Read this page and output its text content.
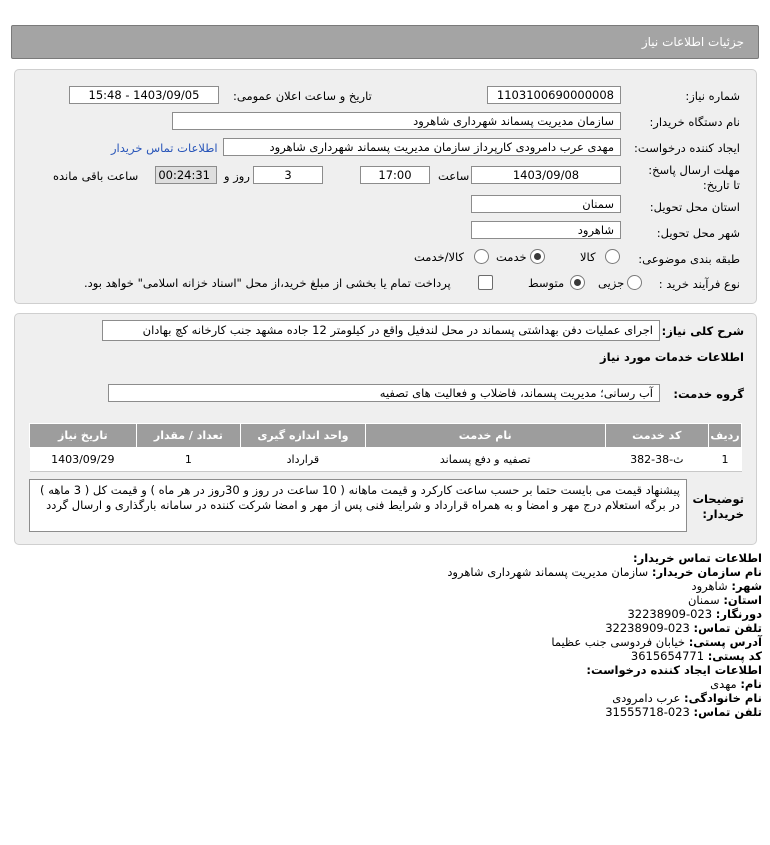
جزئیات اطلاعات نیاز
شماره نیاز:
1103100690000008
تاریخ و ساعت اعلان عمومی:
1403/09/05 - 15:48
نام دستگاه خریدار:
سازمان مدیریت پسماند شهرداری شاهرود
ایجاد کننده درخواست:
مهدی عرب دامرودی کارپرداز سازمان مدیریت پسماند شهرداری شاهرود
اطلاعات تماس خریدار
مهلت ارسال پاسخ: تا تاریخ:
1403/09/08
ساعت
17:00
3
روز و
00:24:31
ساعت باقی مانده
استان محل تحویل:
سمنان
شهر محل تحویل:
شاهرود
طبقه بندی موضوعی:
کالا
خدمت
کالا/خدمت
نوع فرآیند خرید :
جزیی
متوسط
پرداخت تمام یا بخشی از مبلغ خرید،از محل "اسناد خزانه اسلامی" خواهد بود.
شرح کلی نیاز:
اجرای عملیات دفن بهداشتی پسماند در محل لندفیل واقع در کیلومتر 12 جاده مشهد جنب کارخانه کچ بهادان
اطلاعات خدمات مورد نیاز
گروه خدمت:
آب رسانی؛ مدیریت پسماند، فاضلاب و فعالیت های تصفیه
ردیف	کد خدمت	نام خدمت	واحد اندازه گیری	تعداد / مقدار	تاریخ نیاز
1	ث-38-382	تصفیه و دفع پسماند	قرارداد	1	1403/09/29
توضیحات خریدار:
پیشنهاد قیمت می بایست حتما بر حسب ساعت کارکرد و قیمت ماهانه ( 10 ساعت در روز و 30روز در هر ماه ) و قیمت کل ( 3 ماهه ) در برگه استعلام درج مهر و امضا و به همراه قرارداد و شرایط فنی پس از مهر و امضا شرکت کننده در سامانه بارگذاری و ارسال گردد
اطلاعات تماس خریدار:
نام سازمان خریدار: سازمان مدیریت پسماند شهرداری شاهرود
شهر: شاهرود
استان: سمنان
دورنگار: 023-32238909
تلفن تماس: 023-32238909
آدرس پستی: خیابان فردوسی جنب عظیما
کد پستی: 3615654771
اطلاعات ایجاد کننده درخواست:
نام: مهدی
نام خانوادگی: عرب دامرودی
تلفن تماس: 023-31555718
